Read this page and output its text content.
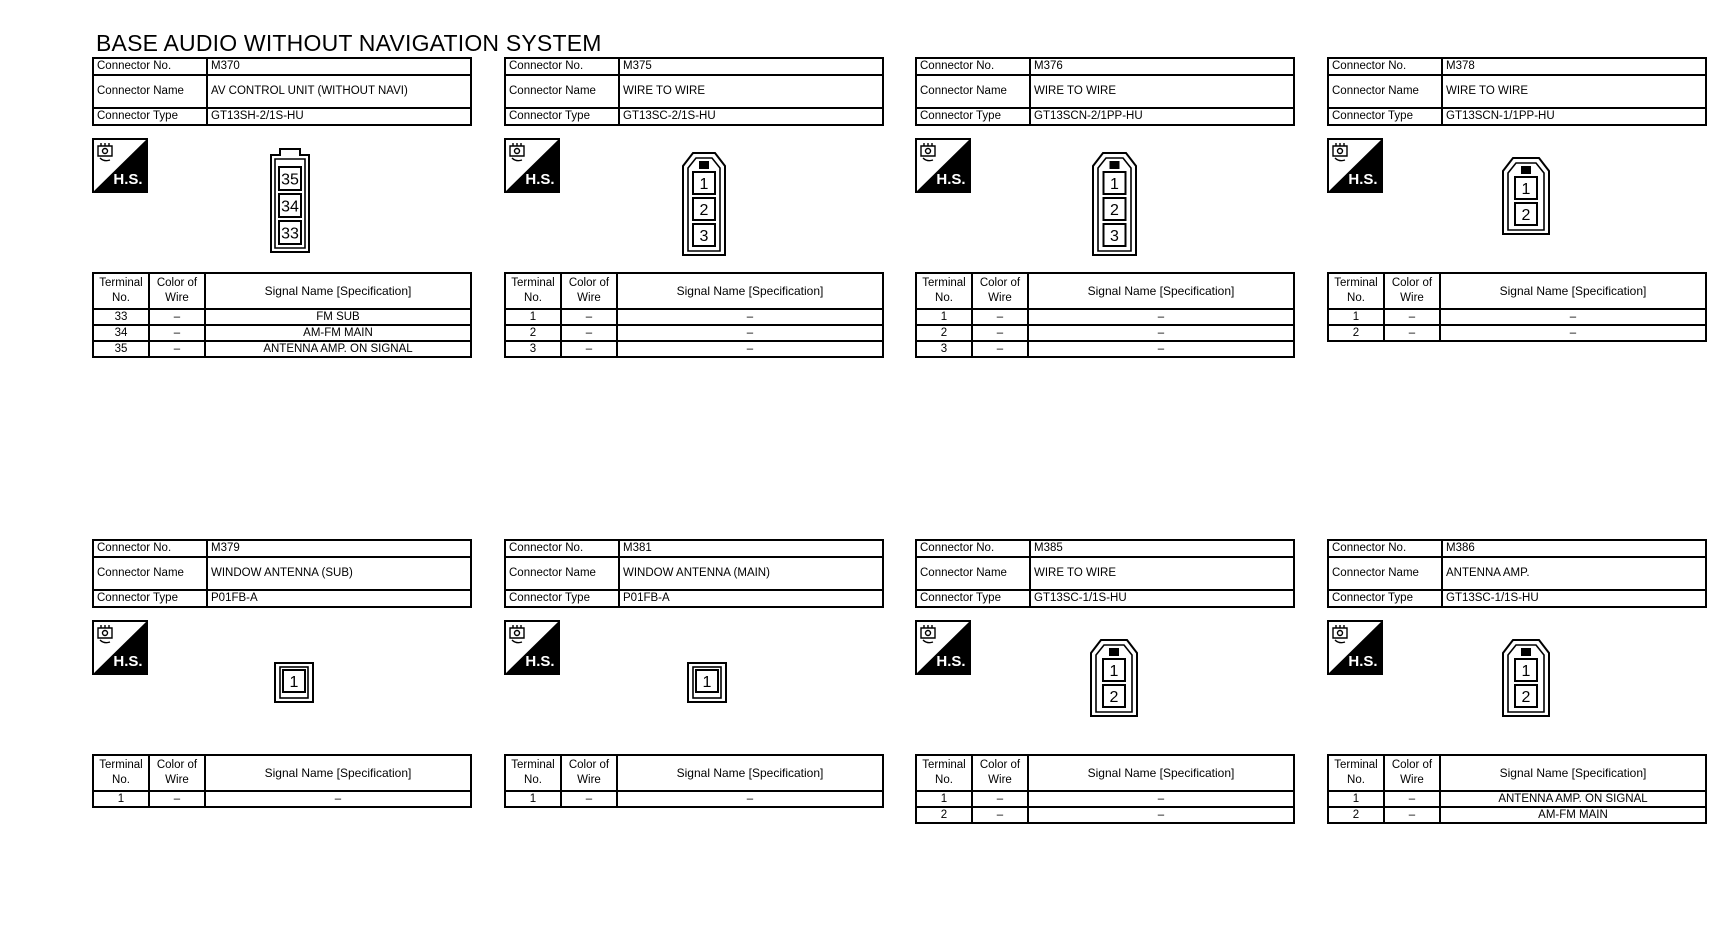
BASE AUDIO WITHOUT NAVIGATION SYSTEM
Connector No.	M370
Connector Name	AV CONTROL UNIT (WITHOUT NAVI)
Connector Type	GT13SH-2/1S-HU
H.S.	35
34
33
Terminal No.	Color of Wire	Signal Name [Specification]
33	–	FM SUB
34	–	AM-FM MAIN
35	–	ANTENNA AMP. ON SIGNAL
Connector No.	M375
Connector Name	WIRE TO WIRE
Connector Type	GT13SC-2/1S-HU
H.S.	1
2
3
Terminal No.	Color of Wire	Signal Name [Specification]
1	–	–
2	–	–
3	–	–
Connector No.	M376
Connector Name	WIRE TO WIRE
Connector Type	GT13SCN-2/1PP-HU
H.S.	1
2
3
Terminal No.	Color of Wire	Signal Name [Specification]
1	–	–
2	–	–
3	–	–
Connector No.	M378
Connector Name	WIRE TO WIRE
Connector Type	GT13SCN-1/1PP-HU
H.S.
1
2
Terminal No.	Color of Wire	Signal Name [Specification]
1	–	–
2	–	–
Connector No.	M379
Connector Name	WINDOW ANTENNA (SUB)
Connector Type	P01FB-A
H.S.
1
Terminal No.	Color of Wire	Signal Name [Specification]
1	–	–
Connector No.	M381
Connector Name	WINDOW ANTENNA (MAIN)
Connector Type	P01FB-A
H.S.
1
Terminal No.	Color of Wire	Signal Name [Specification]
1	–	–
Connector No.	M385
Connector Name	WIRE TO WIRE
Connector Type	GT13SC-1/1S-HU
H.S.
1
2
Terminal No.	Color of Wire	Signal Name [Specification]
1	–	–
2	–	–
Connector No.	M386
Connector Name	ANTENNA AMP.
Connector Type	GT13SC-1/1S-HU
H.S.
1
2
Terminal No.	Color of Wire	Signal Name [Specification]
1	–	ANTENNA AMP. ON SIGNAL
2	–	AM-FM MAIN
